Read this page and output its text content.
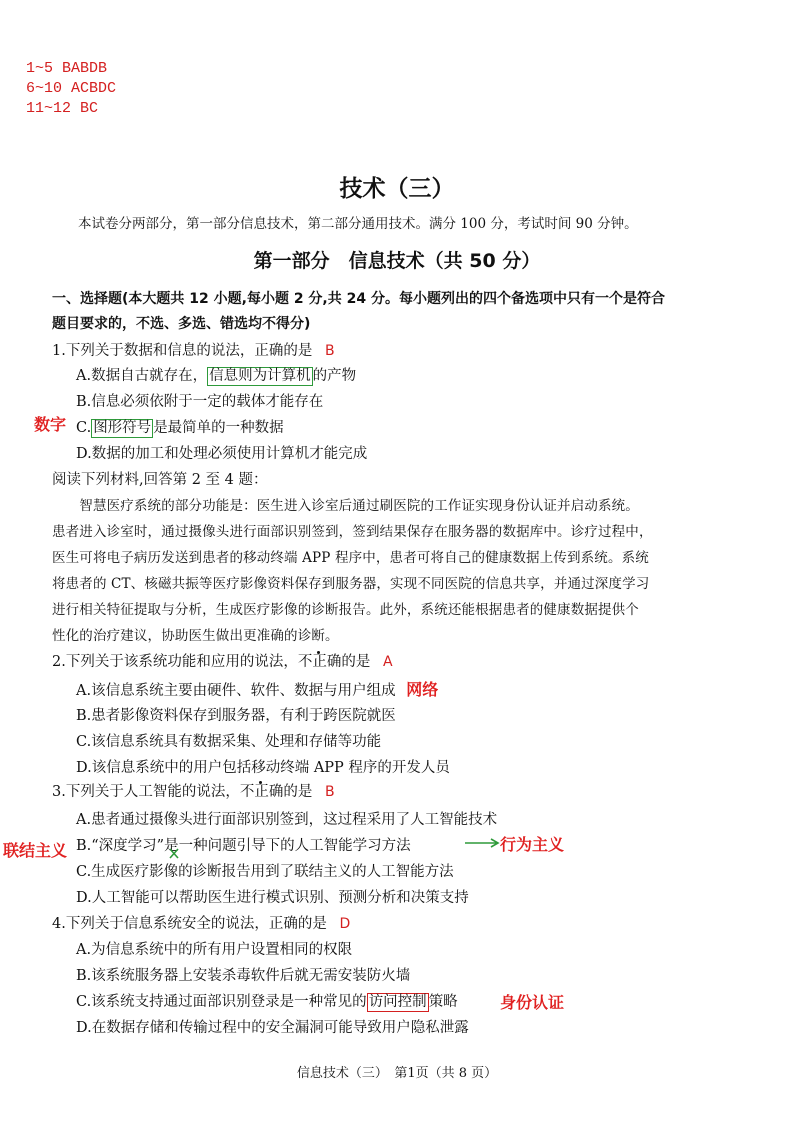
1~5 BABDB
6~10 ACBDC
11~12 BC
技术（三）
本试卷分两部分，第一部分信息技术，第二部分通用技术。满分 100 分，考试时间 90 分钟。
第一部分　信息技术（共 50 分）
一、选择题(本大题共 12 小题,每小题 2 分,共 24 分。每小题列出的四个备选项中只有一个是符合
题目要求的，不选、多选、错选均不得分)
1.下列关于数据和信息的说法，正确的是 B
A.数据自古就存在， 信息则为计算机 的产物
B.信息必须依附于一定的载体才能存在
数字 C. 图形符号 是最简单的一种数据
D.数据的加工和处理必须使用计算机才能完成
阅读下列材料,回答第 2 至 4 题：
　　智慧医疗系统的部分功能是：医生进入诊室后通过刷医院的工作证实现身份认证并启动系统。
患者进入诊室时，通过摄像头进行面部识别签到，签到结果保存在服务器的数据库中。诊疗过程中，
医生可将电子病历发送到患者的移动终端 APP 程序中，患者可将自己的健康数据上传到系统。系统
将患者的 CT、核磁共振等医疗影像资料保存到服务器，实现不同医院的信息共享，并通过深度学习
进行相关特征提取与分析，生成医疗影像的诊断报告。此外，系统还能根据患者的健康数据提供个
性化的治疗建议，协助医生做出更准确的诊断。
2.下列关于该系统功能和应用的说法，不正确的是 A
A.该信息系统主要由硬件、软件、数据与用户组成 网络
B.患者影像资料保存到服务器，有利于跨医院就医
C.该信息系统具有数据采集、处理和存储等功能
D.该信息系统中的用户包括移动终端 APP 程序的开发人员
3.下列关于人工智能的说法，不正确的是 B
A.患者通过摄像头进行面部识别签到，这过程采用了人工智能技术
联结主义 B.“深度学习”是一种问题引导下的人工智能学习方法	行为主义
C.生成医疗影像的诊断报告用到了联结主义的人工智能方法
D.人工智能可以帮助医生进行模式识别、预测分析和决策支持
4.下列关于信息系统安全的说法，正确的是 D
A.为信息系统中的所有用户设置相同的权限
B.该系统服务器上安装杀毒软件后就无需安装防火墙
C.该系统支持通过面部识别登录是一种常见的 访问控制 策略	身份认证
D.在数据存储和传输过程中的安全漏洞可能导致用户隐私泄露
信息技术（三）　第1页（共 8 页）
